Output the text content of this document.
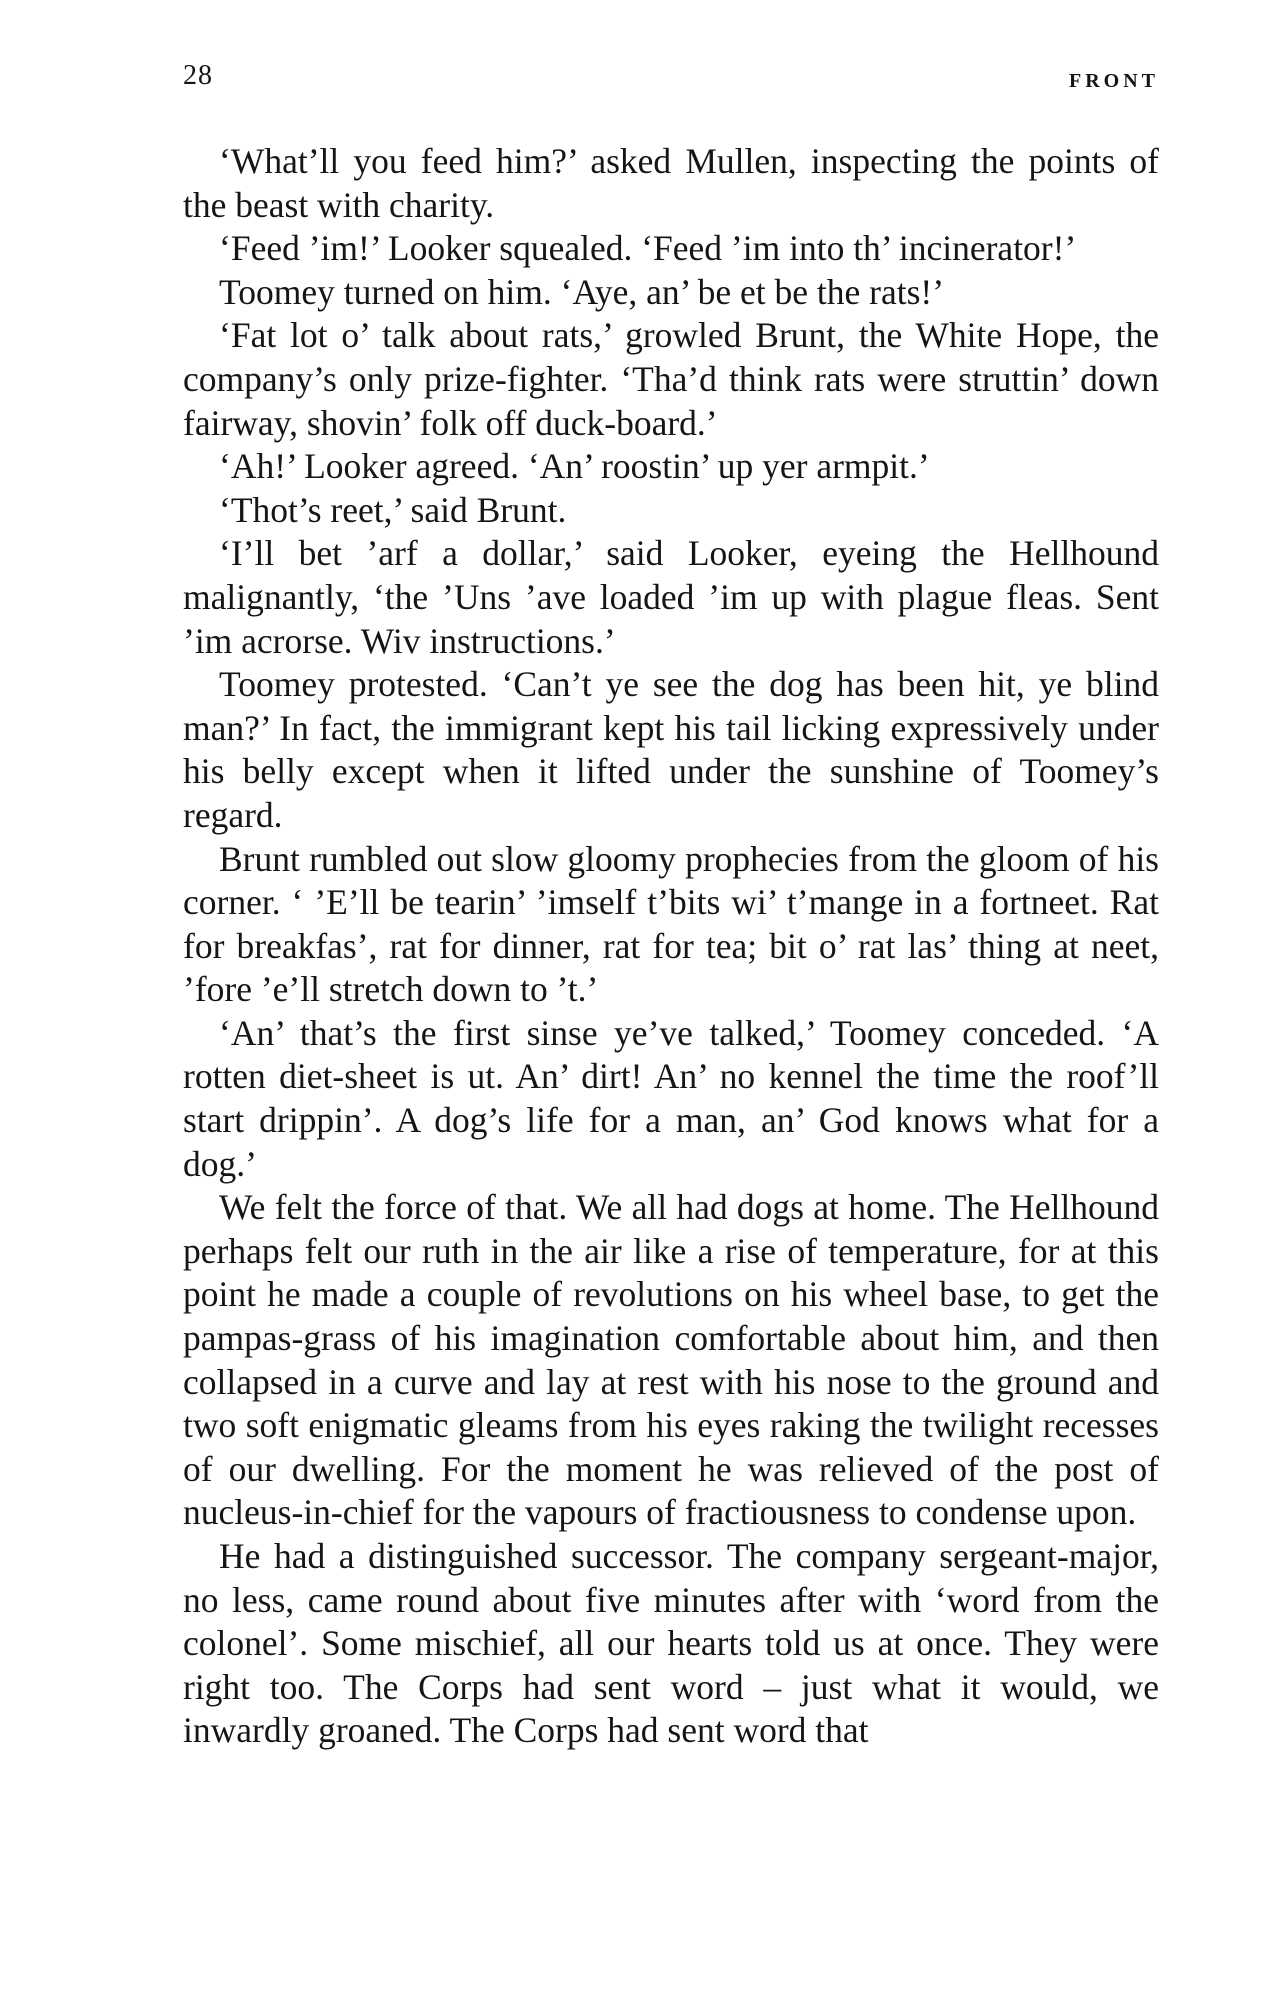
28	FRONT

‘What’ll you feed him?’ asked Mullen, inspecting the points of the beast with charity.

‘Feed ’im!’ Looker squealed. ‘Feed ’im into th’ incinerator!’

Toomey turned on him. ‘Aye, an’ be et be the rats!’

‘Fat lot o’ talk about rats,’ growled Brunt, the White Hope, the company’s only prize-fighter. ‘Tha’d think rats were struttin’ down fairway, shovin’ folk off duck-board.’

‘Ah!’ Looker agreed. ‘An’ roostin’ up yer armpit.’

‘Thot’s reet,’ said Brunt.

‘I’ll bet ’arf a dollar,’ said Looker, eyeing the Hellhound malignantly, ‘the ’Uns ’ave loaded ’im up with plague fleas. Sent ’im acrorse. Wiv instructions.’

Toomey protested. ‘Can’t ye see the dog has been hit, ye blind man?’ In fact, the immigrant kept his tail licking expressively under his belly except when it lifted under the sunshine of Toomey’s regard.

Brunt rumbled out slow gloomy prophecies from the gloom of his corner. ‘ ’E’ll be tearin’ ’imself t’bits wi’ t’mange in a fortneet. Rat for breakfas’, rat for dinner, rat for tea; bit o’ rat las’ thing at neet, ’fore ’e’ll stretch down to ’t.’

‘An’ that’s the first sinse ye’ve talked,’ Toomey conceded. ‘A rotten diet-sheet is ut. An’ dirt! An’ no kennel the time the roof’ll start drippin’. A dog’s life for a man, an’ God knows what for a dog.’

We felt the force of that. We all had dogs at home. The Hellhound perhaps felt our ruth in the air like a rise of temperature, for at this point he made a couple of revolutions on his wheel base, to get the pampas-grass of his imagination comfortable about him, and then collapsed in a curve and lay at rest with his nose to the ground and two soft enigmatic gleams from his eyes raking the twilight recesses of our dwelling. For the moment he was relieved of the post of nucleus-in-chief for the vapours of fractiousness to condense upon.

He had a distinguished successor. The company sergeant-major, no less, came round about five minutes after with ‘word from the colonel’. Some mischief, all our hearts told us at once. They were right too. The Corps had sent word – just what it would, we inwardly groaned. The Corps had sent word that
